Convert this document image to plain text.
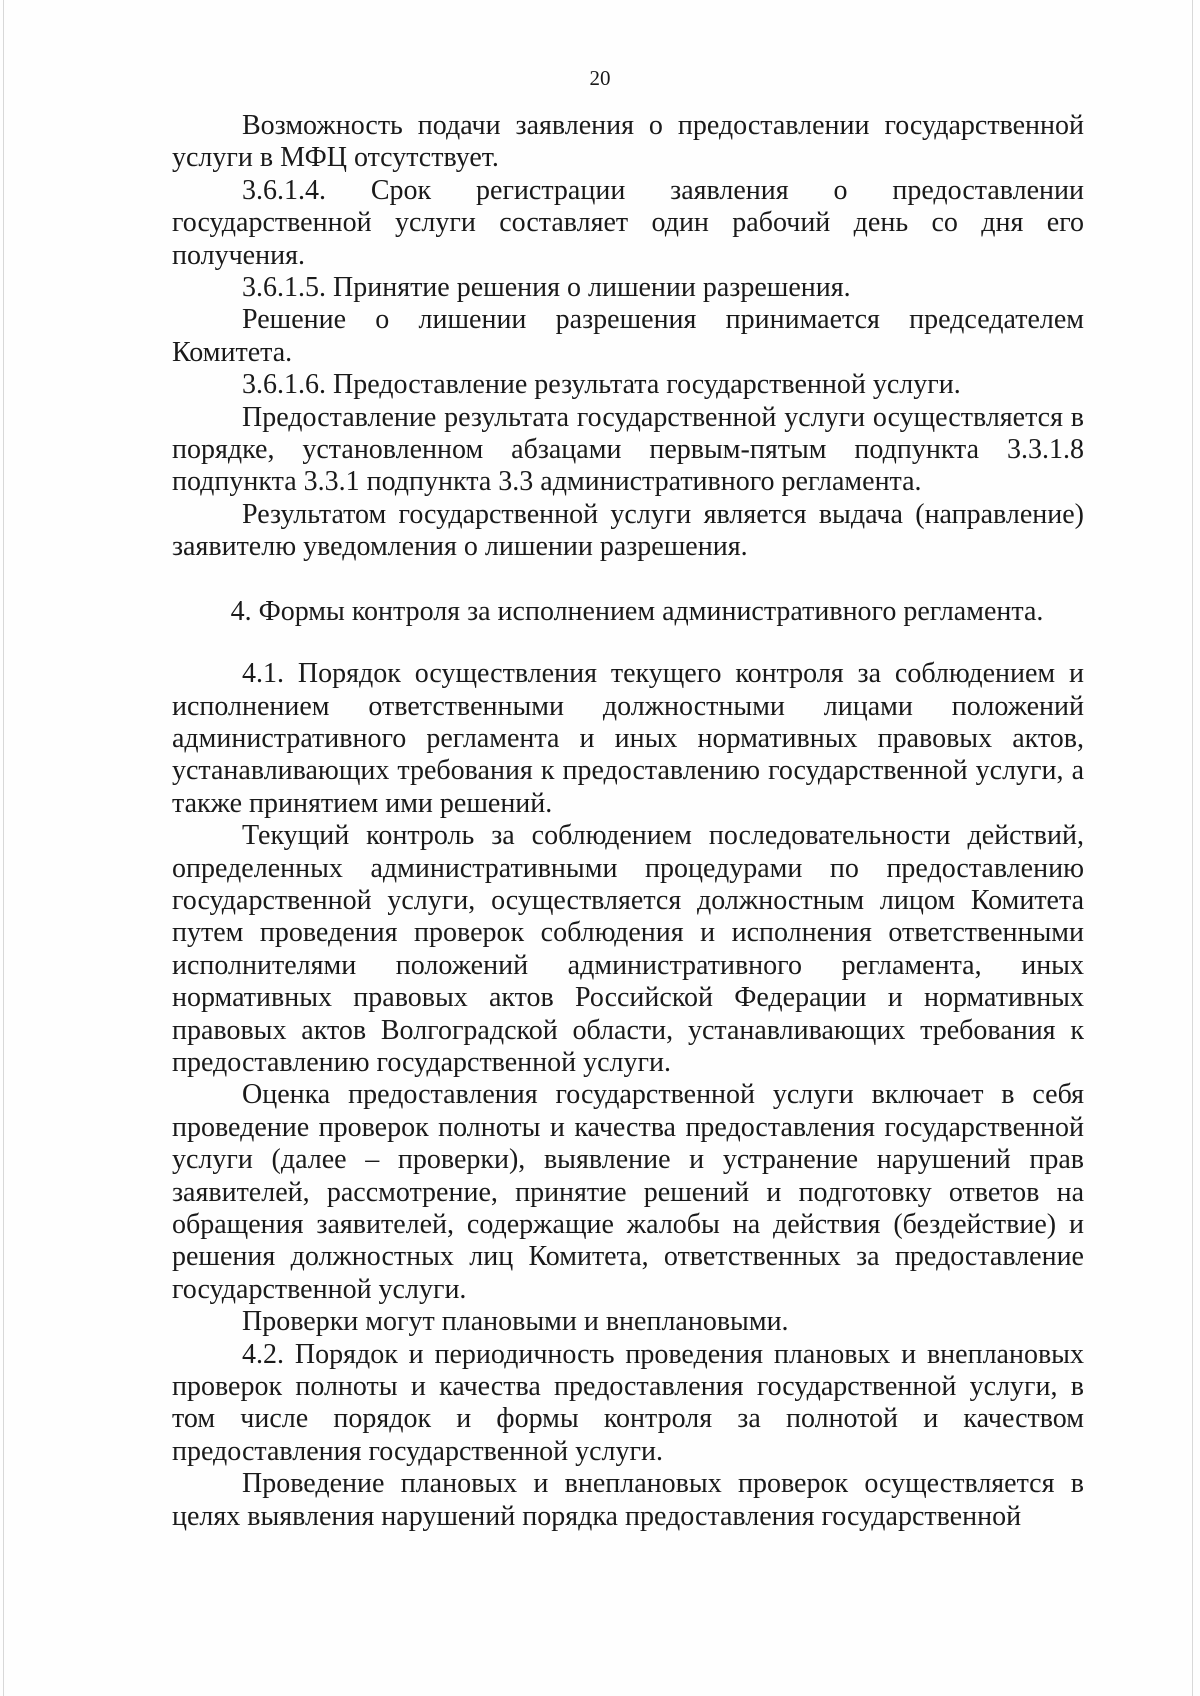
20

Возможность подачи заявления о предоставлении государственной услуги в МФЦ отсутствует.

3.6.1.4. Срок регистрации заявления о предоставлении государственной услуги составляет один рабочий день со дня его получения.

3.6.1.5. Принятие решения о лишении разрешения.

Решение о лишении разрешения принимается председателем Комитета.

3.6.1.6. Предоставление результата государственной услуги.

Предоставление результата государственной услуги осуществляется в порядке, установленном абзацами первым-пятым подпункта 3.3.1.8 подпункта 3.3.1 подпункта 3.3 административного регламента.

Результатом государственной услуги является выдача (направление) заявителю уведомления о лишении разрешения.

4. Формы контроля за исполнением административного регламента.

4.1. Порядок осуществления текущего контроля за соблюдением и исполнением ответственными должностными лицами положений административного регламента и иных нормативных правовых актов, устанавливающих требования к предоставлению государственной услуги, а также принятием ими решений.

Текущий контроль за соблюдением последовательности действий, определенных административными процедурами по предоставлению государственной услуги, осуществляется должностным лицом Комитета путем проведения проверок соблюдения и исполнения ответственными исполнителями положений административного регламента, иных нормативных правовых актов Российской Федерации и нормативных правовых актов Волгоградской области, устанавливающих требования к предоставлению государственной услуги.

Оценка предоставления государственной услуги включает в себя проведение проверок полноты и качества предоставления государственной услуги (далее – проверки), выявление и устранение нарушений прав заявителей, рассмотрение, принятие решений и подготовку ответов на обращения заявителей, содержащие жалобы на действия (бездействие) и решения должностных лиц Комитета, ответственных за предоставление государственной услуги.

Проверки могут плановыми и внеплановыми.

4.2. Порядок и периодичность проведения плановых и внеплановых проверок полноты и качества предоставления государственной услуги, в том числе порядок и формы контроля за полнотой и качеством предоставления государственной услуги.

Проведение плановых и внеплановых проверок осуществляется в целях выявления нарушений порядка предоставления государственной
